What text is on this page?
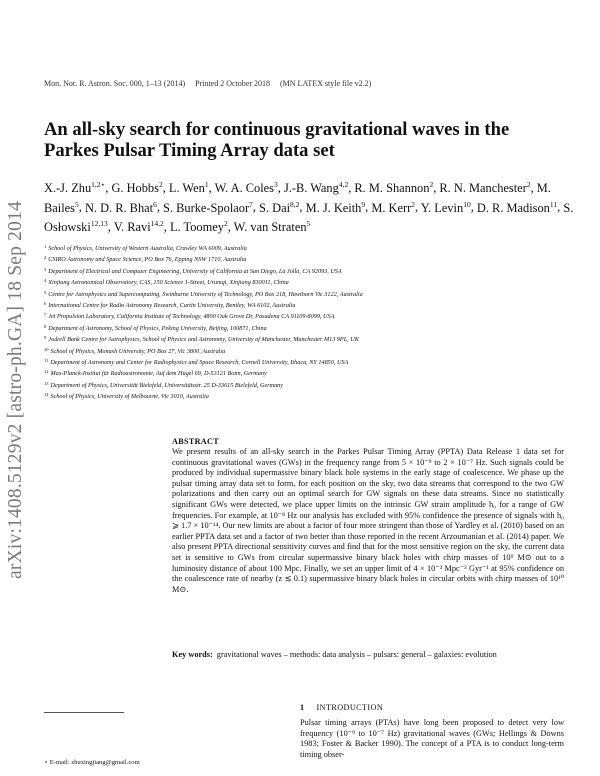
arXiv:1408.5129v2 [astro-ph.GA] 18 Sep 2014
Mon. Not. R. Astron. Soc. 000, 1–13 (2014) Printed 2 October 2018 (MN LATEX style file v2.2)
An all-sky search for continuous gravitational waves in the Parkes Pulsar Timing Array data set

X.-J. Zhu$^{1,2⋆}$, G. Hobbs$^2$, L. Wen$^1$, W. A. Coles$^3$, J.-B. Wang$^{4,2}$, R. M. Shannon$^2$, R. N. Manchester$^2$, M. Bailes$^5$, N. D. R. Bhat$^6$, S. Burke-Spolaor$^7$, S. Dai$^{8,2}$, M. J. Keith$^9$, M. Kerr$^2$, Y. Levin$^{10}$, D. R. Madison$^{11}$, S. Osłowski$^{12,13}$, V. Ravi$^{14,2}$, L. Toomey$^2$, W. van Straten$^5$

$^1$ School of Physics, University of Western Australia, Crawley WA 6009, Australia
$^2$ CSIRO Astronomy and Space Science, PO Box 76, Epping NSW 1710, Australia
$^3$ Department of Electrical and Computer Engineering, University of California at San Diego, La Jolla, CA 92093, USA
$^4$ Xinjiang Astronomical Observatory, CAS, 150 Science 1-Street, Urumqi, Xinjiang 830011, China
$^5$ Centre for Astrophysics and Supercomputing, Swinburne University of Technology, PO Box 218, Hawthorn Vic 3122, Australia
$^6$ International Centre for Radio Astronomy Research, Curtin University, Bentley, WA 6102, Australia
$^7$ Jet Propulsion Laboratory, California Institute of Technology, 4800 Oak Grove Dr, Pasadena CA 91109-8099, USA
$^8$ Department of Astronomy, School of Physics, Peking University, Beijing, 100871, China
$^9$ Jodrell Bank Centre for Astrophysics, School of Physics and Astronomy, University of Manchester, Manchester M13 9PL, UK
$^{10}$ School of Physics, Monash University, PO Box 27, Vic 3800, Australia
$^{11}$ Department of Astronomy and Center for Radiophysics and Space Research, Cornell University, Ithaca, NY 14850, USA
$^{12}$ Max-Planck-Institut für Radioastronomie, Auf dem Hügel 69, D-53121 Bonn, Germany
$^{13}$ Department of Physics, Universität Bielefeld, Universitätsstr. 25 D-33615 Bielefeld, Germany
$^{14}$ School of Physics, University of Melbourne, Vic 3010, Australia
ABSTRACT

We present results of an all-sky search in the Parkes Pulsar Timing Array (PPTA) Data Release 1 data set for continuous gravitational waves (GWs) in the frequency range from 5 × 10⁻⁹ to 2 × 10⁻⁷ Hz. Such signals could be produced by individual supermassive binary black hole systems in the early stage of coalescence. We phase up the pulsar timing array data set to form, for each position on the sky, two data streams that correspond to the two GW polarizations and then carry out an optimal search for GW signals on these data streams. Since no statistically significant GWs were detected, we place upper limits on the intrinsic GW strain amplitude h₀ for a range of GW frequencies. For example, at 10⁻⁸ Hz our analysis has excluded with 95% confidence the presence of signals with h₀ ⩾ 1.7 × 10⁻¹⁴. Our new limits are about a factor of four more stringent than those of Yardley et al. (2010) based on an earlier PPTA data set and a factor of two better than those reported in the recent Arzoumanian et al. (2014) paper. We also present PPTA directional sensitivity curves and find that for the most sensitive region on the sky, the current data set is sensitive to GWs from circular supermassive binary black holes with chirp masses of 10⁹ M⊙ out to a luminosity distance of about 100 Mpc. Finally, we set an upper limit of 4 × 10⁻³ Mpc⁻³ Gyr⁻¹ at 95% confidence on the coalescence rate of nearby (z ≲ 0.1) supermassive binary black holes in circular orbits with chirp masses of 10¹⁰ M⊙.

Key words: gravitational waves – methods: data analysis – pulsars: general – galaxies: evolution
1 INTRODUCTION

Pulsar timing arrays (PTAs) have long been proposed to detect very low frequency (10⁻⁹ to 10⁻⁷ Hz) gravitational waves (GWs; Hellings & Downs 1983; Foster & Backer 1990). The concept of a PTA is to conduct long-term timing obser-

⋆ E-mail: zhuxingjiang@gmail.com
